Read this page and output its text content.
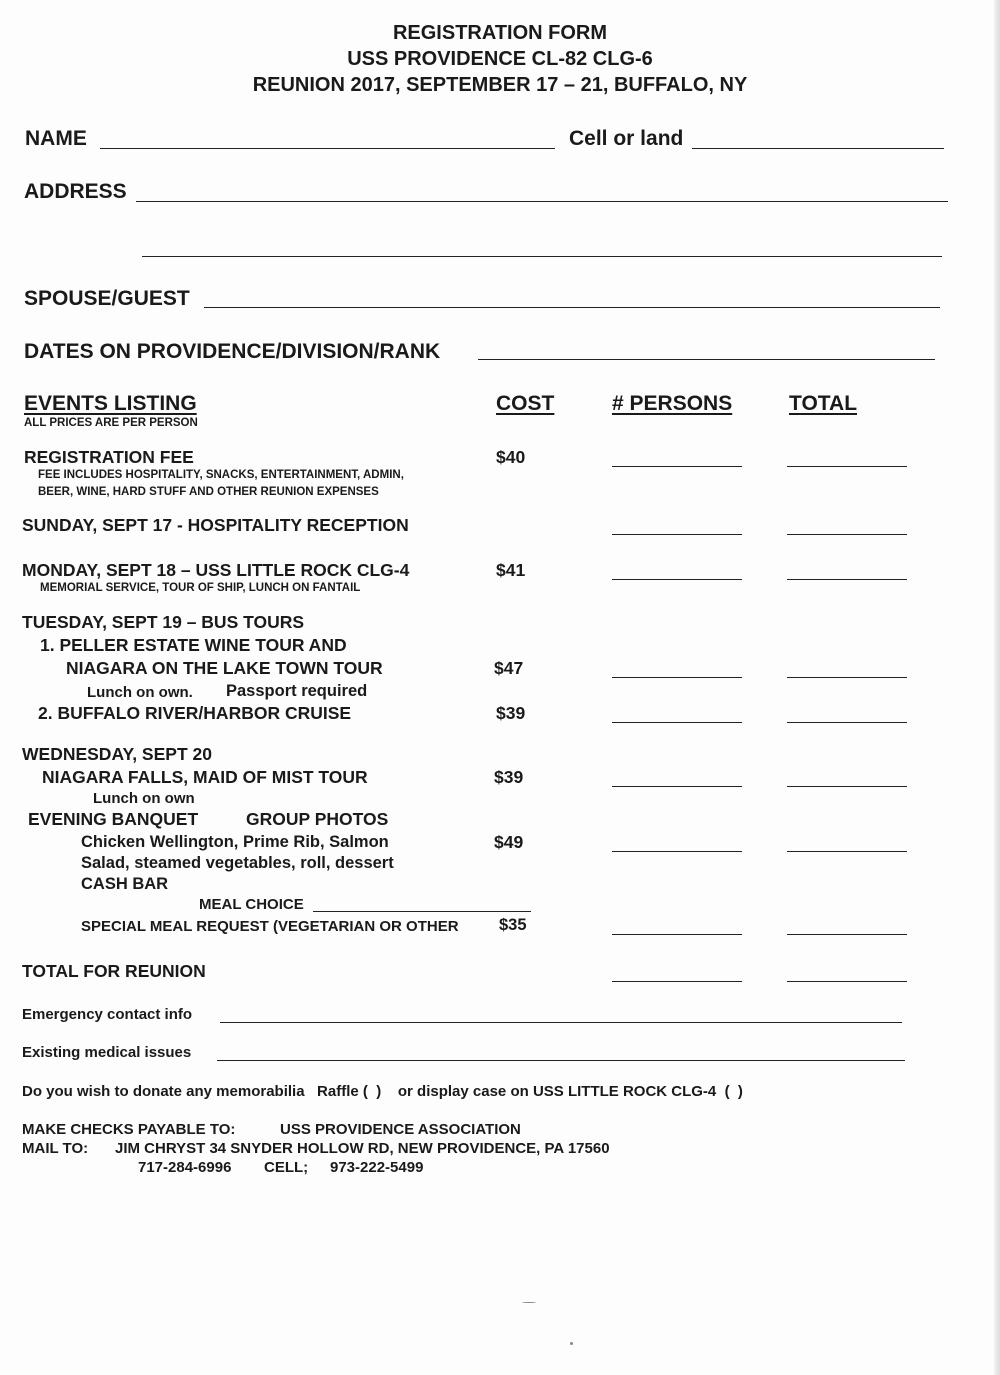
REGISTRATION FORM
USS PROVIDENCE CL-82 CLG-6
REUNION 2017, SEPTEMBER 17 – 21, BUFFALO, NY
NAME	Cell or land
ADDRESS
SPOUSE/GUEST
DATES ON PROVIDENCE/DIVISION/RANK
EVENTS LISTING
ALL PRICES ARE PER PERSON
COST	# PERSONS	TOTAL
REGISTRATION FEE
FEE INCLUDES HOSPITALITY, SNACKS, ENTERTAINMENT, ADMIN,
BEER, WINE, HARD STUFF AND OTHER REUNION EXPENSES
$40
SUNDAY, SEPT 17 - HOSPITALITY RECEPTION
MONDAY, SEPT 18 – USS LITTLE ROCK CLG-4
MEMORIAL SERVICE, TOUR OF SHIP, LUNCH ON FANTAIL
$41
TUESDAY, SEPT 19 – BUS TOURS
1. PELLER ESTATE WINE TOUR AND
NIAGARA ON THE LAKE TOWN TOUR	$47
Lunch on own. Passport required
2. BUFFALO RIVER/HARBOR CRUISE	$39
WEDNESDAY, SEPT 20
NIAGARA FALLS, MAID OF MIST TOUR	$39
Lunch on own
EVENING BANQUET	GROUP PHOTOS
Chicken Wellington, Prime Rib, Salmon	$49
Salad, steamed vegetables, roll, dessert
CASH BAR
MEAL CHOICE
SPECIAL MEAL REQUEST (VEGETARIAN OR OTHER $35
TOTAL FOR REUNION
Emergency contact info
Existing medical issues
Do you wish to donate any memorabilia   Raffle (  )    or display case on USS LITTLE ROCK CLG-4  (  )
MAKE CHECKS PAYABLE TO:	USS PROVIDENCE ASSOCIATION
MAIL TO: JIM CHRYST 34 SNYDER HOLLOW RD, NEW PROVIDENCE, PA 17560
717-284-6996 CELL; 973-222-5499
